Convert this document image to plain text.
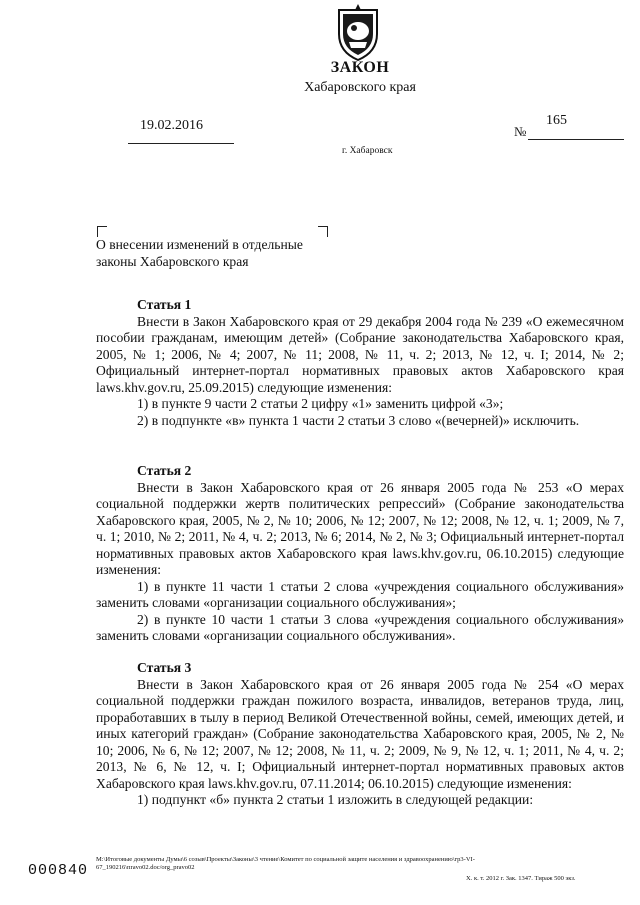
ЗАКОН
Хабаровского края
19.02.2016	№
165
г. Хабаровск
О внесении изменений в отдельные
законы Хабаровского края

Статья 1

Внести в Закон Хабаровского края от 29 декабря 2004 года № 239 «О ежемесячном пособии гражданам, имеющим детей» (Собрание законодательства Хабаровского края, 2005, № 1; 2006, № 4; 2007, № 11; 2008, № 11, ч. 2; 2013, № 12, ч. I; 2014, № 2; Официальный интернет-портал нормативных правовых актов Хабаровского края laws.khv.gov.ru, 25.09.2015) следующие изменения:

1) в пункте 9 части 2 статьи 2 цифру «1» заменить цифрой «3»;

2) в подпункте «в» пункта 1 части 2 статьи 3 слово «(вечерней)» исключить.

Статья 2

Внести в Закон Хабаровского края от 26 января 2005 года № 253 «О мерах социальной поддержки жертв политических репрессий» (Собрание законодательства Хабаровского края, 2005, № 2, № 10; 2006, № 12; 2007, № 12; 2008, № 12, ч. 1; 2009, № 7, ч. 1; 2010, № 2; 2011, № 4, ч. 2; 2013, № 6; 2014, № 2, № 3; Официальный интернет-портал нормативных правовых актов Хабаровского края laws.khv.gov.ru, 06.10.2015) следующие изменения:

1) в пункте 11 части 1 статьи 2 слова «учреждения социального обслуживания» заменить словами «организации социального обслуживания»;

2) в пункте 10 части 1 статьи 3 слова «учреждения социального обслуживания» заменить словами «организации социального обслуживания».

Статья 3

Внести в Закон Хабаровского края от 26 января 2005 года № 254 «О мерах социальной поддержки граждан пожилого возраста, инвалидов, ветеранов труда, лиц, проработавших в тылу в период Великой Отечественной войны, семей, имеющих детей, и иных категорий граждан» (Собрание законодательства Хабаровского края, 2005, № 2, № 10; 2006, № 6, № 12; 2007, № 12; 2008, № 11, ч. 2; 2009, № 9, № 12, ч. 1; 2011, № 4, ч. 2; 2013, № 6, № 12, ч. I; Официальный интернет-портал нормативных правовых актов Хабаровского края laws.khv.gov.ru, 07.11.2014; 06.10.2015) следующие изменения:

1) подпункт «б» пункта 2 статьи 1 изложить в следующей редакции:

M:\Итоговые документы Думы\6 созыв\Проекты\Законы\3 чтение\Комитет по социальной защите населения и здравоохранению\гр3-VI-
67_190216\пravo02.doc/org_pravo02
000840	Х. к. т. 2012 г. Зак. 1347. Тираж 500 экз.
